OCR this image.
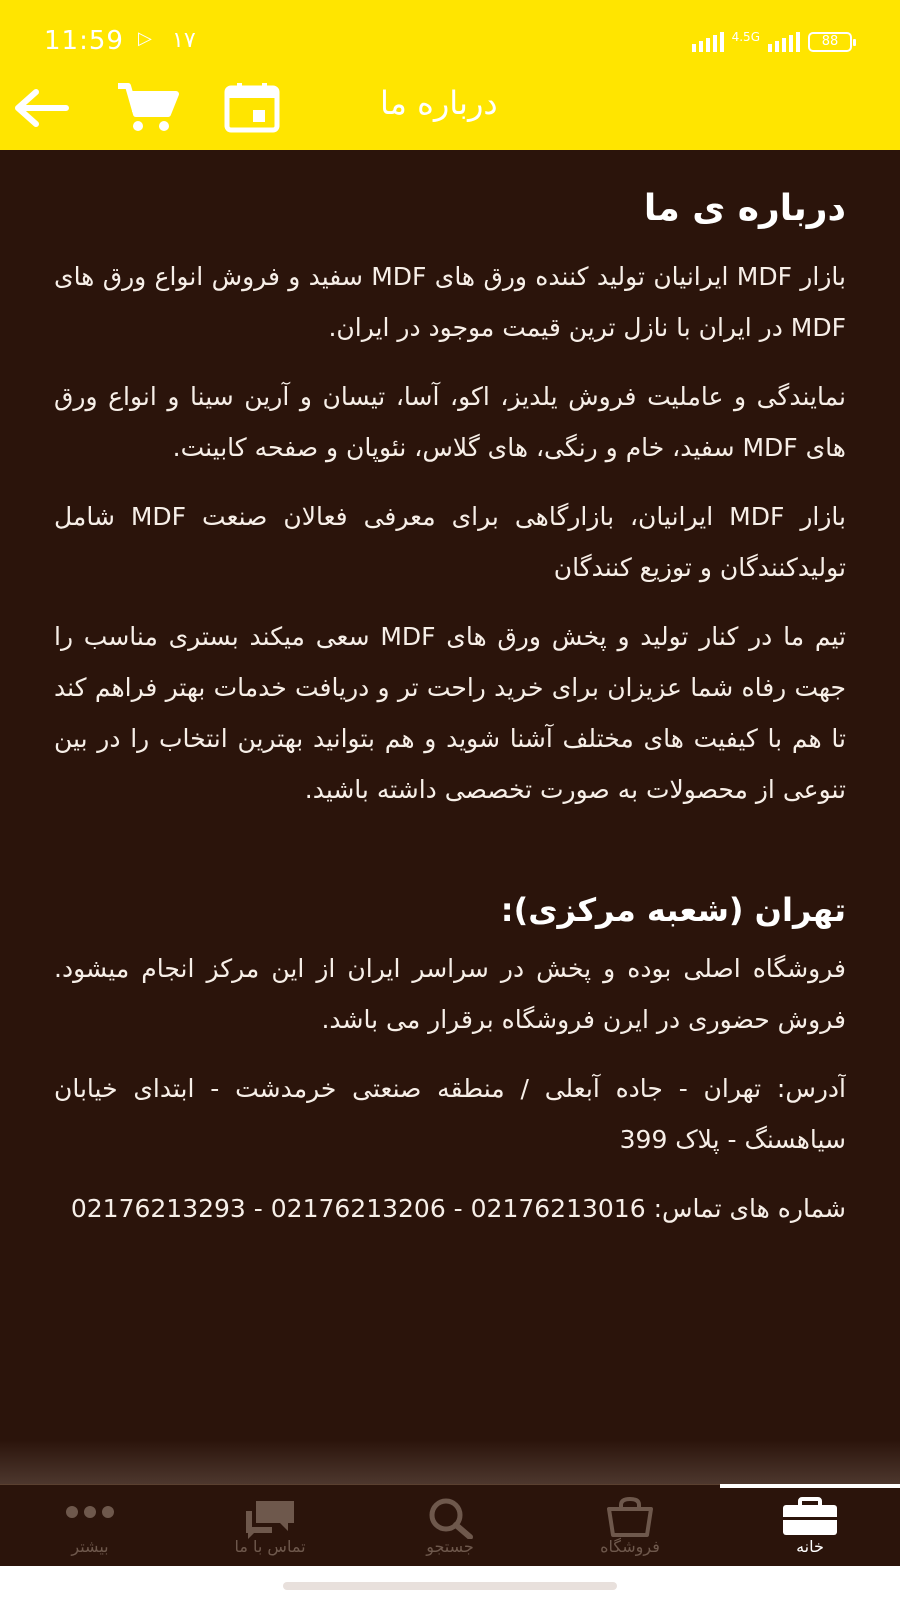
11:59 ▷ ۱۷	4.5G	88
درباره ما
درباره ی ما

بازار MDF ایرانیان تولید کننده ورق های MDF سفید و فروش انواع ورق های MDF در ایران با نازل ترین قیمت موجود در ایران.

نمایندگی و عاملیت فروش یلدیز، اکو، آسا، تیسان و آرین سینا و انواع ورق های MDF سفید، خام و رنگی، های گلاس، نئوپان و صفحه کابینت.

بازار MDF ایرانیان، بازارگاهی برای معرفی فعالان صنعت MDF شامل تولیدکنندگان و توزیع کنندگان

تیم ما در کنار تولید و پخش ورق های MDF سعی میکند بستری مناسب را جهت رفاه شما عزیزان برای خرید راحت تر و دریافت خدمات بهتر فراهم کند تا هم با کیفیت های مختلف آشنا شوید و هم بتوانید بهترین انتخاب را در بین تنوعی از محصولات به صورت تخصصی داشته باشید.

تهران (شعبه مرکزی):

فروشگاه اصلی بوده و پخش در سراسر ایران از این مرکز انجام میشود. فروش حضوری در ایرن فروشگاه برقرار می باشد.

آدرس: تهران - جاده آبعلی / منطقه صنعتی خرمدشت - ابتدای خیابان سیاهسنگ - پلاک 399

شماره های تماس: 02176213016 - 02176213206 - 02176213293

خانه
فروشگاه
جستجو
تماس با ما
بیشتر
